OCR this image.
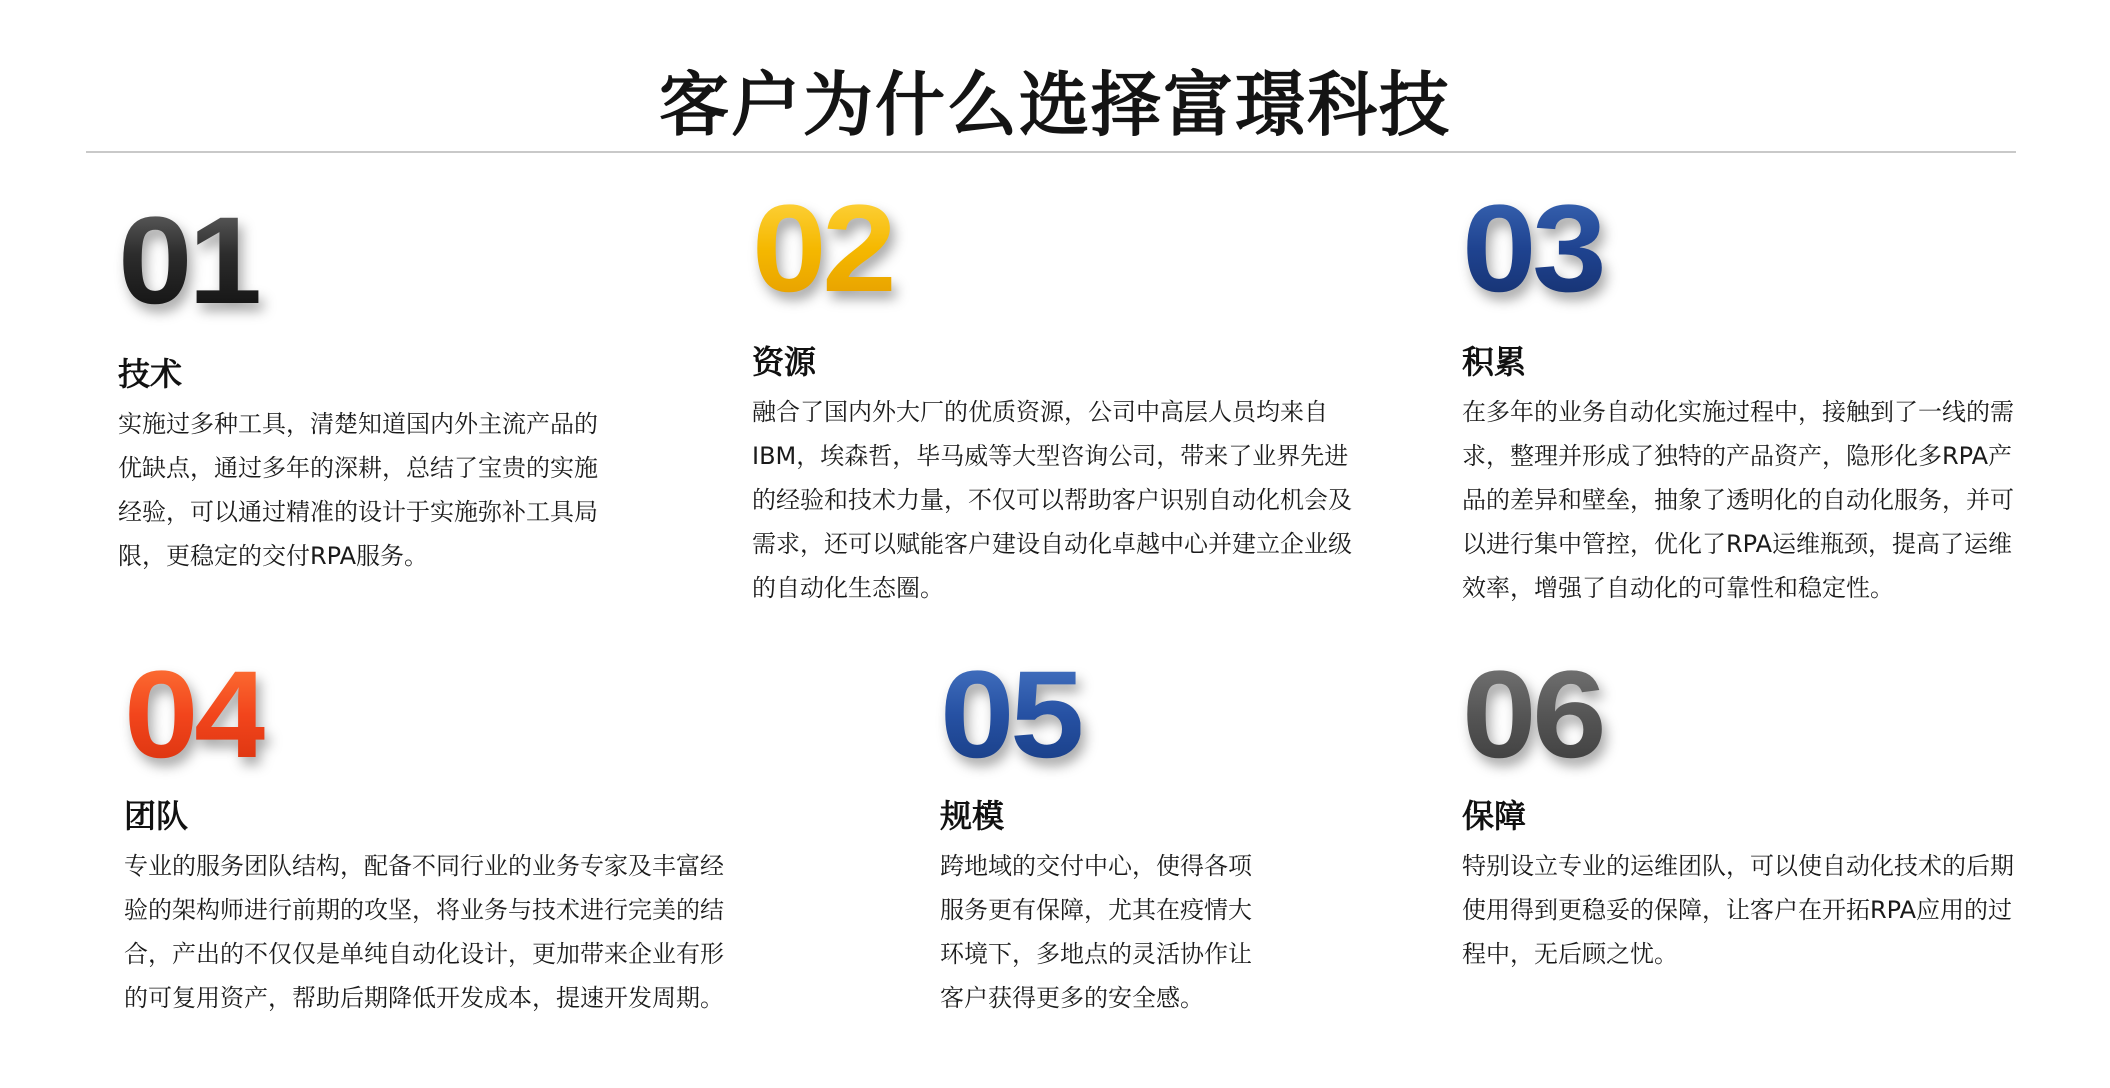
客户为什么选择富璟科技
01
技术
实施过多种工具，清楚知道国内外主流产品的
优缺点，通过多年的深耕，总结了宝贵的实施
经验，可以通过精准的设计于实施弥补工具局
限，更稳定的交付RPA服务。
02
资源
融合了国内外大厂的优质资源，公司中高层人员均来自
IBM，埃森哲，毕马威等大型咨询公司，带来了业界先进
的经验和技术力量，不仅可以帮助客户识别自动化机会及
需求，还可以赋能客户建设自动化卓越中心并建立企业级
的自动化生态圈。
03
积累
在多年的业务自动化实施过程中，接触到了一线的需
求，整理并形成了独特的产品资产，隐形化多RPA产
品的差异和壁垒，抽象了透明化的自动化服务，并可
以进行集中管控，优化了RPA运维瓶颈，提高了运维
效率，增强了自动化的可靠性和稳定性。
04
团队
专业的服务团队结构，配备不同行业的业务专家及丰富经
验的架构师进行前期的攻坚，将业务与技术进行完美的结
合，产出的不仅仅是单纯自动化设计，更加带来企业有形
的可复用资产，帮助后期降低开发成本，提速开发周期。
05
规模
跨地域的交付中心，使得各项
服务更有保障，尤其在疫情大
环境下，多地点的灵活协作让
客户获得更多的安全感。
06
保障
特别设立专业的运维团队，可以使自动化技术的后期
使用得到更稳妥的保障，让客户在开拓RPA应用的过
程中，无后顾之忧。
